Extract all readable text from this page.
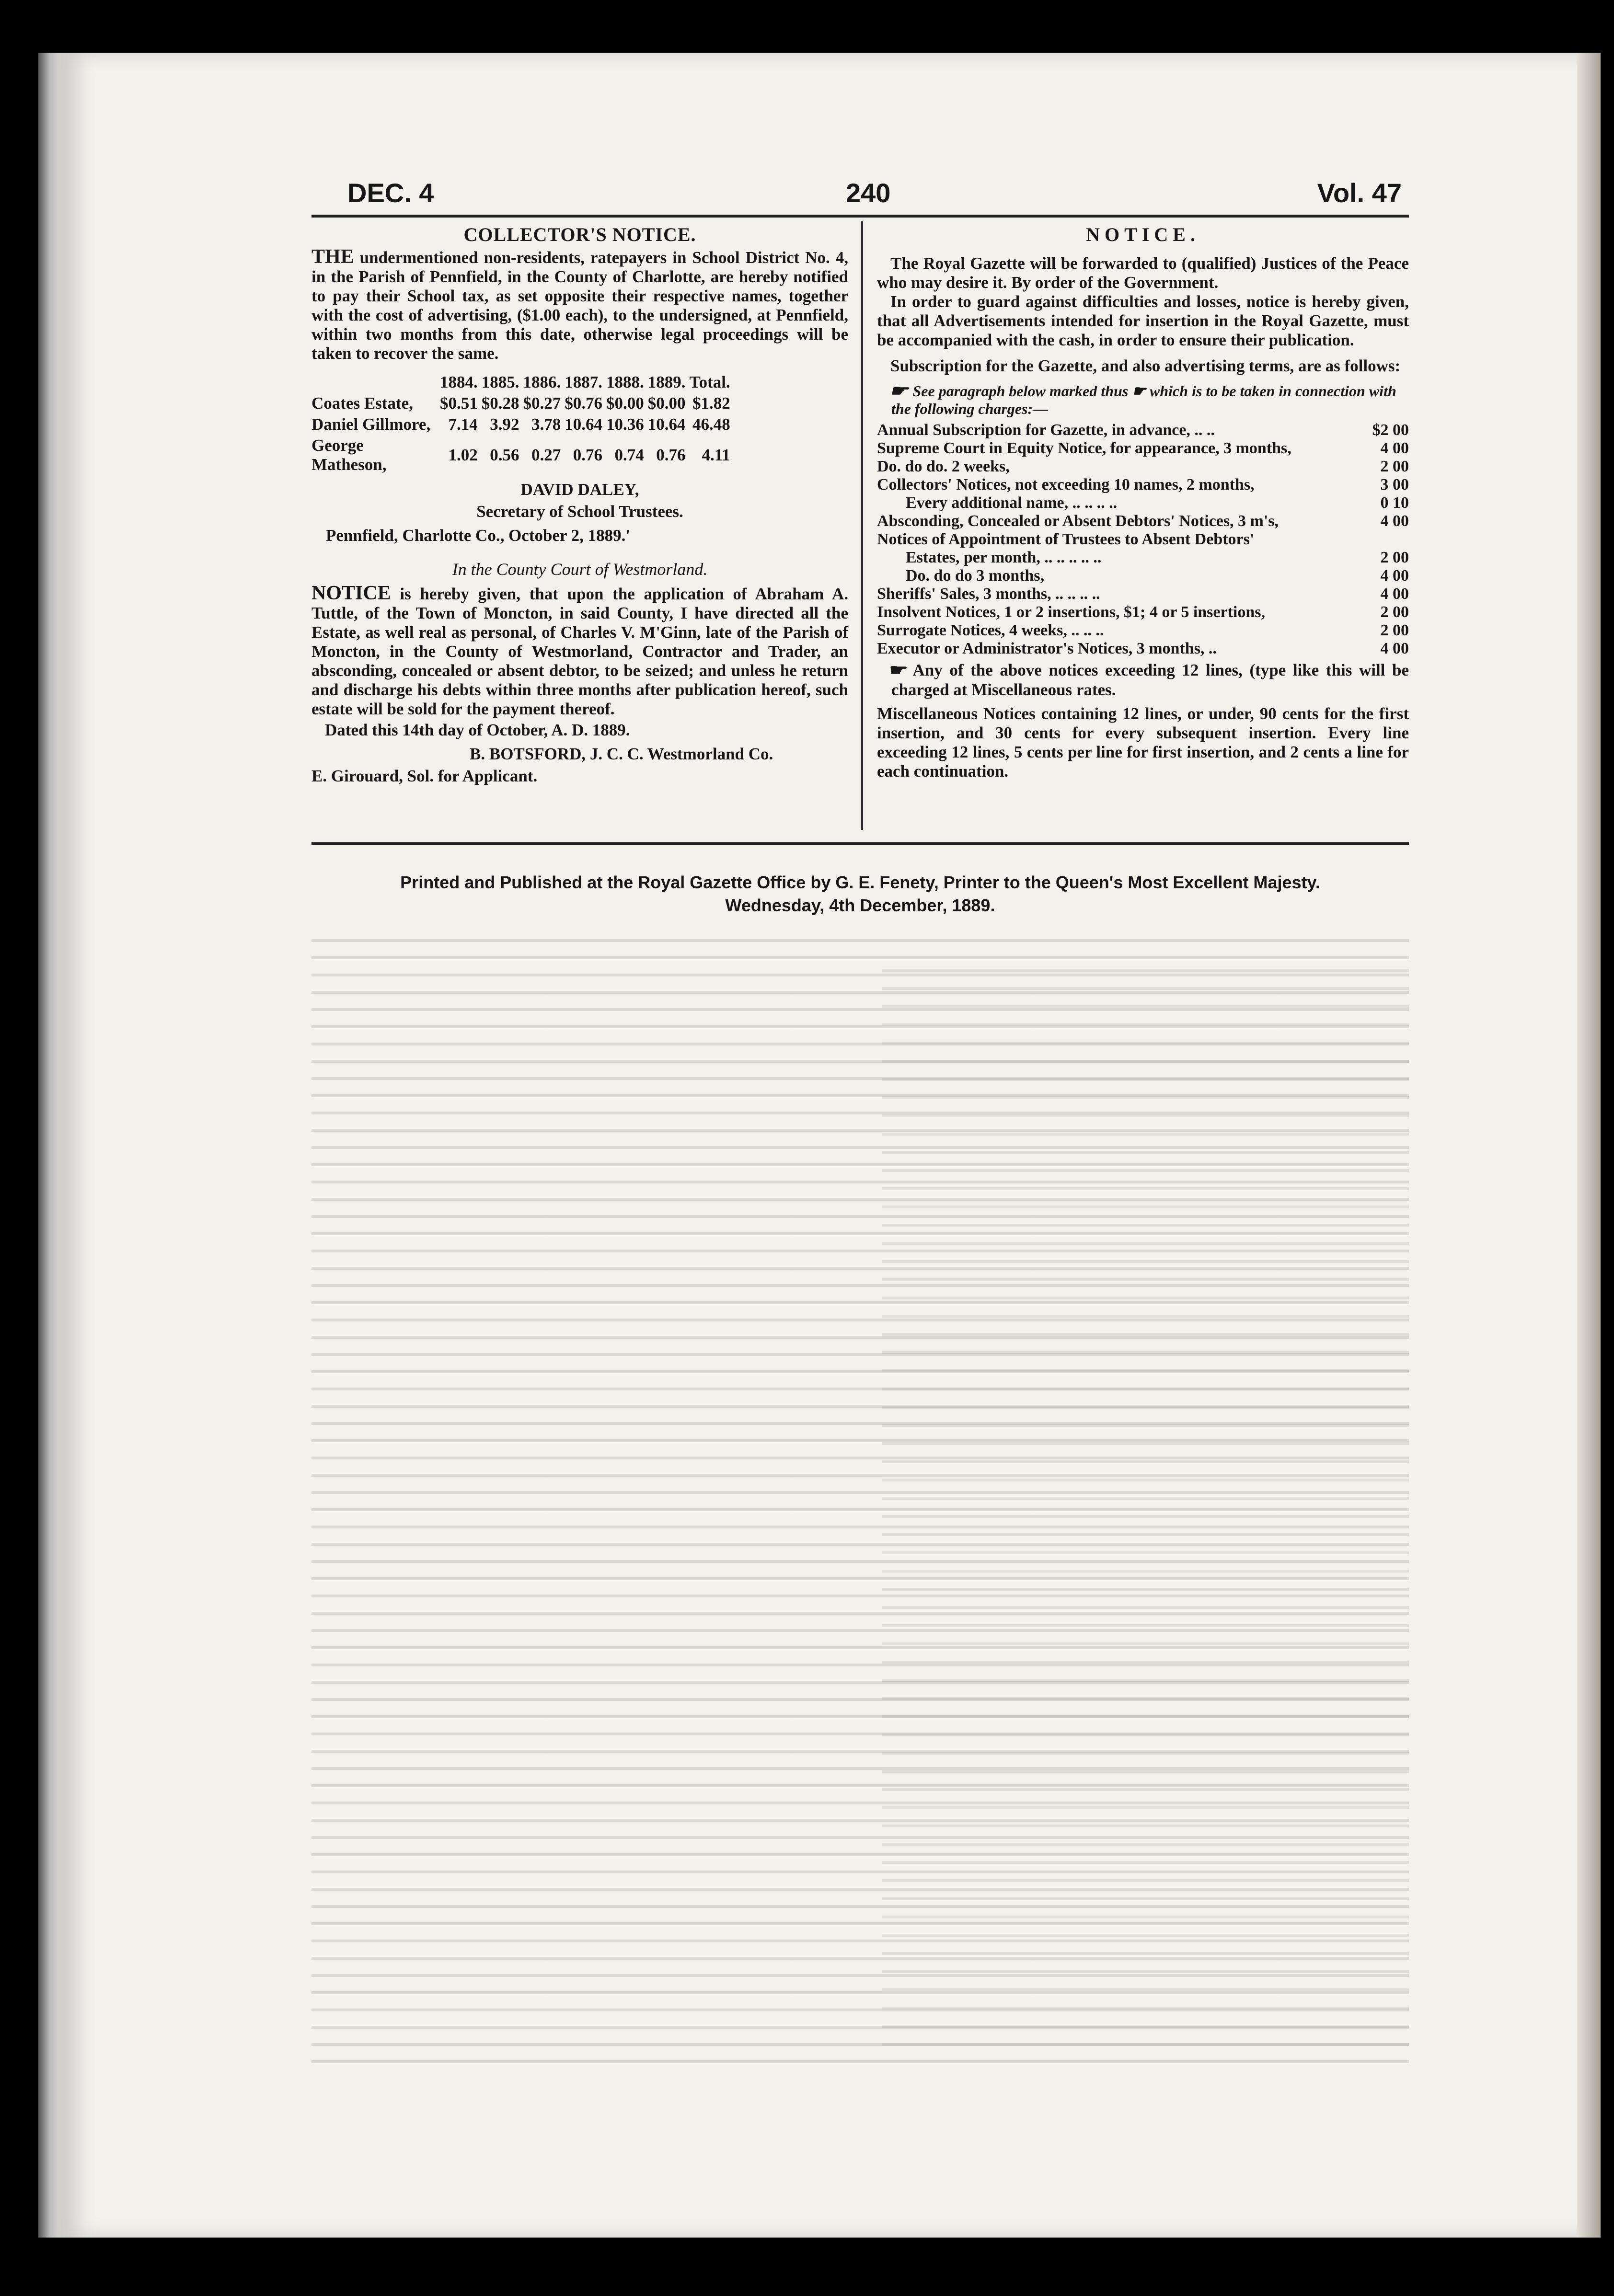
DEC. 4	240	Vol. 47
COLLECTOR'S NOTICE.

THE undermentioned non-residents, ratepayers in School District No. 4, in the Parish of Pennfield, in the County of Charlotte, are hereby notified to pay their School tax, as set opposite their respective names, together with the cost of advertising, ($1.00 each), to the undersigned, at Pennfield, within two months from this date, otherwise legal proceedings will be taken to recover the same.

	1884.	1885.	1886.	1887.	1888.	1889.	Total.
Coates Estate,	$0.51	$0.28	$0.27	$0.76	$0.00	$0.00	$1.82
Daniel Gillmore,	7.14	3.92	3.78	10.64	10.36	10.64	46.48
George Matheson,	1.02	0.56	0.27	0.76	0.74	0.76	4.11
DAVID DALEY,
Secretary of School Trustees.

Pennfield, Charlotte Co., October 2, 1889.'

In the County Court of Westmorland.

NOTICE is hereby given, that upon the application of Abraham A. Tuttle, of the Town of Moncton, in said County, I have directed all the Estate, as well real as personal, of Charles V. M'Ginn, late of the Parish of Moncton, in the County of Westmorland, Contractor and Trader, an absconding, concealed or absent debtor, to be seized; and unless he return and discharge his debts within three months after publication hereof, such estate will be sold for the payment thereof.

Dated this 14th day of October, A. D. 1889.

B. BOTSFORD, J. C. C. Westmorland Co.

E. Girouard, Sol. for Applicant.

NOTICE.

The Royal Gazette will be forwarded to (qualified) Justices of the Peace who may desire it. By order of the Government.

In order to guard against difficulties and losses, notice is hereby given, that all Advertisements intended for insertion in the Royal Gazette, must be accompanied with the cash, in order to ensure their publication.

Subscription for the Gazette, and also advertising terms, are as follows:

☛ See paragraph below marked thus ☛ which is to be taken in connection with the following charges:—

Annual Subscription for Gazette, in advance, .. ..	$2 00
Supreme Court in Equity Notice, for appearance, 3 months,	4 00
Do. do do. 2 weeks,	2 00
Collectors' Notices, not exceeding 10 names, 2 months,	3 00
Every additional name, .. .. .. ..	0 10
Absconding, Concealed or Absent Debtors' Notices, 3 m's,	4 00
Notices of Appointment of Trustees to Absent Debtors'	
Estates, per month, .. .. .. .. ..	2 00
Do. do do 3 months,	4 00
Sheriffs' Sales, 3 months, .. .. .. ..	4 00
Insolvent Notices, 1 or 2 insertions, $1; 4 or 5 insertions,	2 00
Surrogate Notices, 4 weeks, .. .. ..	2 00
Executor or Administrator's Notices, 3 months, ..	4 00

☛ Any of the above notices exceeding 12 lines, (type like this will be charged at Miscellaneous rates.

Miscellaneous Notices containing 12 lines, or under, 90 cents for the first insertion, and 30 cents for every subsequent insertion. Every line exceeding 12 lines, 5 cents per line for first insertion, and 2 cents a line for each continuation.

Printed and Published at the Royal Gazette Office by G. E. Fenety, Printer to the Queen's Most Excellent Majesty.
Wednesday, 4th December, 1889.
